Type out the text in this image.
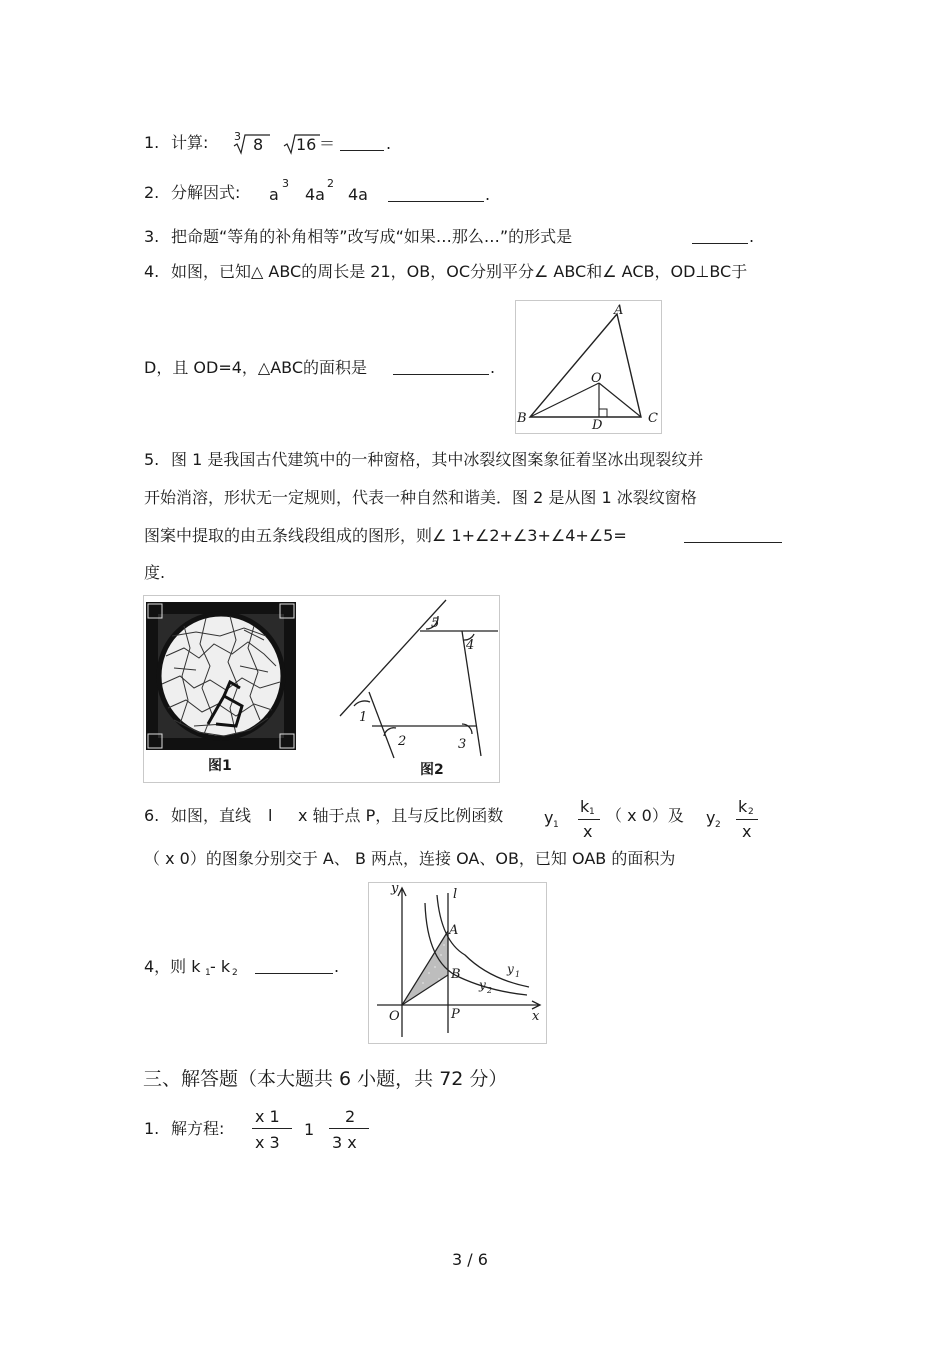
1. 计算: 3 8 16 ＝	.
2. 分解因式: a
3
4a
2
4a	.
3. 把命题“等角的补角相等”改写成“如果…那么…”的形式是	.
4. 如图，已知△ ABC的周长是 21，OB，OC分别平分∠ ABC和∠ ACB，OD⊥BC于
D，且 OD=4，△ABC的面积是	.
A
B	C
D
O
5. 图 1 是我国古代建筑中的一种窗格，其中冰裂纹图案象征着坚冰出现裂纹并
开始消溶，形状无一定规则，代表一种自然和谐美．图 2 是从图 1 冰裂纹窗格
图案中提取的由五条线段组成的图形，则∠ 1+∠2+∠3+∠4+∠5=
度.
图1	图2
1
2	3
4
5
6. 如图，直线 l x 轴于点 P，且与反比例函数	y 1
k 1
x
（ x 0）及 y 2
k 2
x
（ x 0）的图象分别交于 A、 B 两点，连接 OA、OB，已知 OAB 的面积为
4，则 k 1 - k 2	.
y	l
A
B	y 1
y 2
O	P	x
三、解答题（本大题共 6 小题，共 72 分）
1. 解方程:
x 1
x 3
1
2
3 x
3 / 6
